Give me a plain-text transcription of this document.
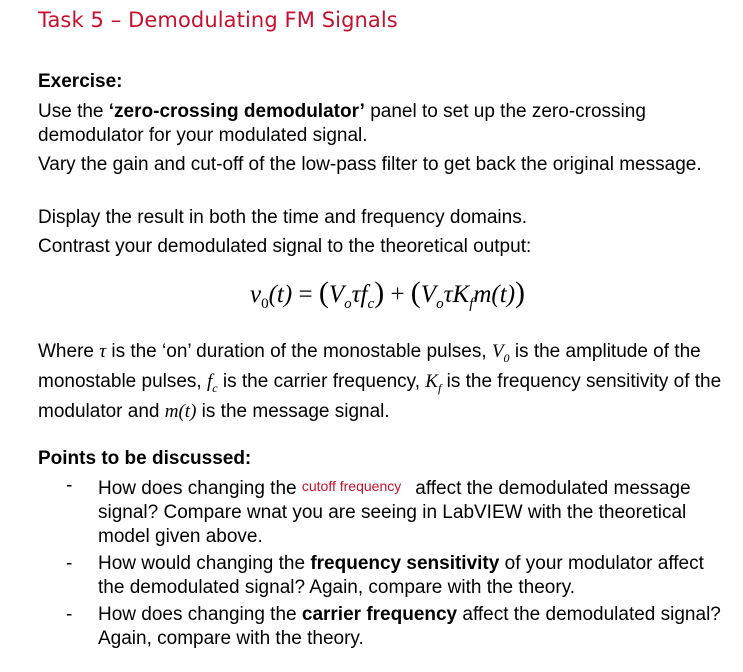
Task 5 – Demodulating FM Signals
Exercise:
Use the ‘zero-crossing demodulator’ panel to set up the zero-crossing demodulator for your modulated signal.
Vary the gain and cut-off of the low-pass filter to get back the original message.
Display the result in both the time and frequency domains.
Contrast your demodulated signal to the theoretical output:
$v_0(t) = (V_o\tau f_c) + (V_o\tau K_fm(t))$
Where τ is the ‘on’ duration of the monostable pulses, $V_0$ is the amplitude of the monostable pulses, $f_c$ is the carrier frequency, $K_f$ is the frequency sensitivity of the modulator and m(t) is the message signal.
Points to be discussed:
- How does changing the cutoff frequency affect the demodulated message signal? Compare wnat you are seeing in LabVIEW with the theoretical model given above.
- How would changing the frequency sensitivity of your modulator affect the demodulated signal? Again, compare with the theory.
- How does changing the carrier frequency affect the demodulated signal? Again, compare with the theory.
